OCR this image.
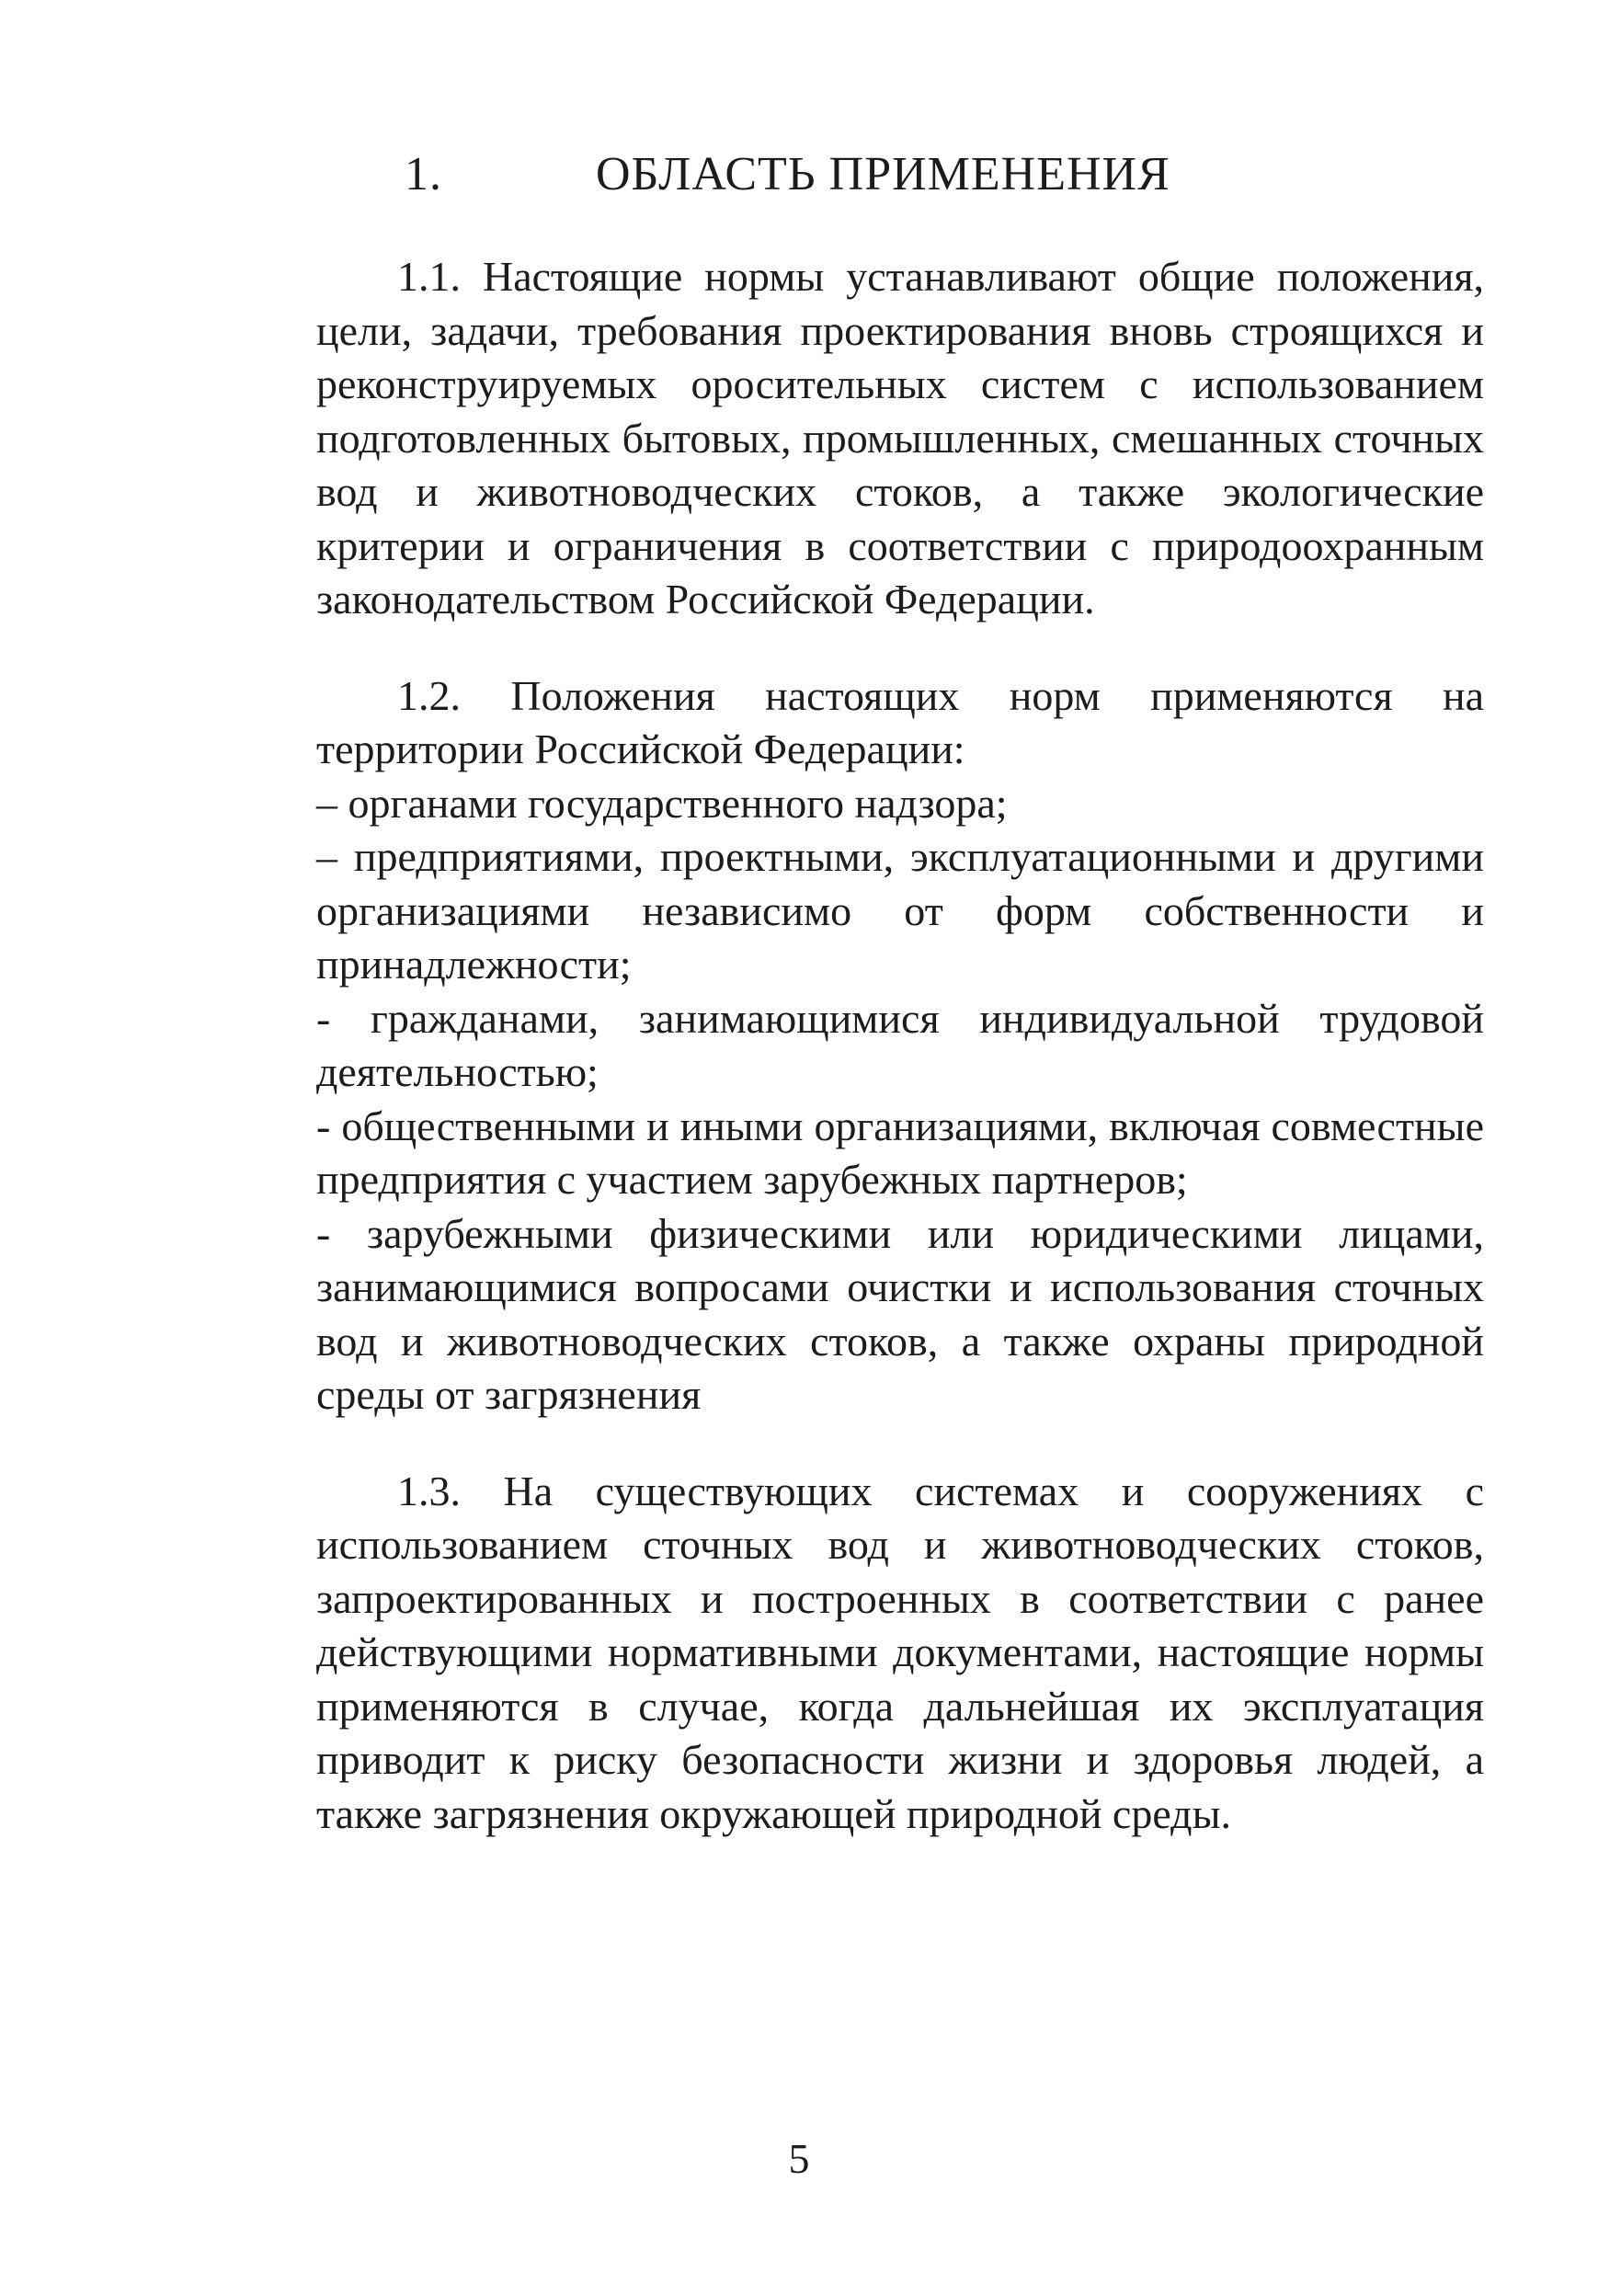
1.	ОБЛАСТЬ ПРИМЕНЕНИЯ

1.1. Настоящие нормы устанавливают общие положения, цели, задачи, требования проектирования вновь строящихся и реконструируемых оросительных систем с использованием подготовленных бытовых, промышленных, смешанных сточных вод и животноводческих стоков, а также экологические критерии и ограничения в соответствии с природоохранным законодательством Российской Федерации.

1.2. Положения настоящих норм применяются на территории Российской Федерации:

– органами государственного надзора;

– предприятиями, проектными, эксплуатационными и другими организациями независимо от форм собственности и принадлежности;

- гражданами, занимающимися индивидуальной трудовой деятельностью;

- общественными и иными организациями, включая совместные предприятия с участием зарубежных партнеров;

- зарубежными физическими или юридическими лицами, занимающимися вопросами очистки и использования сточных вод и животноводческих стоков, а также охраны природной среды от загрязнения

1.3. На существующих системах и сооружениях с использованием сточных вод и животноводческих стоков, запроектированных и построенных в соответствии с ранее действующими нормативными документами, настоящие нормы применяются в случае, когда дальнейшая их эксплуатация приводит к риску безопасности жизни и здоровья людей, а также загрязнения окружающей природной среды.

5
